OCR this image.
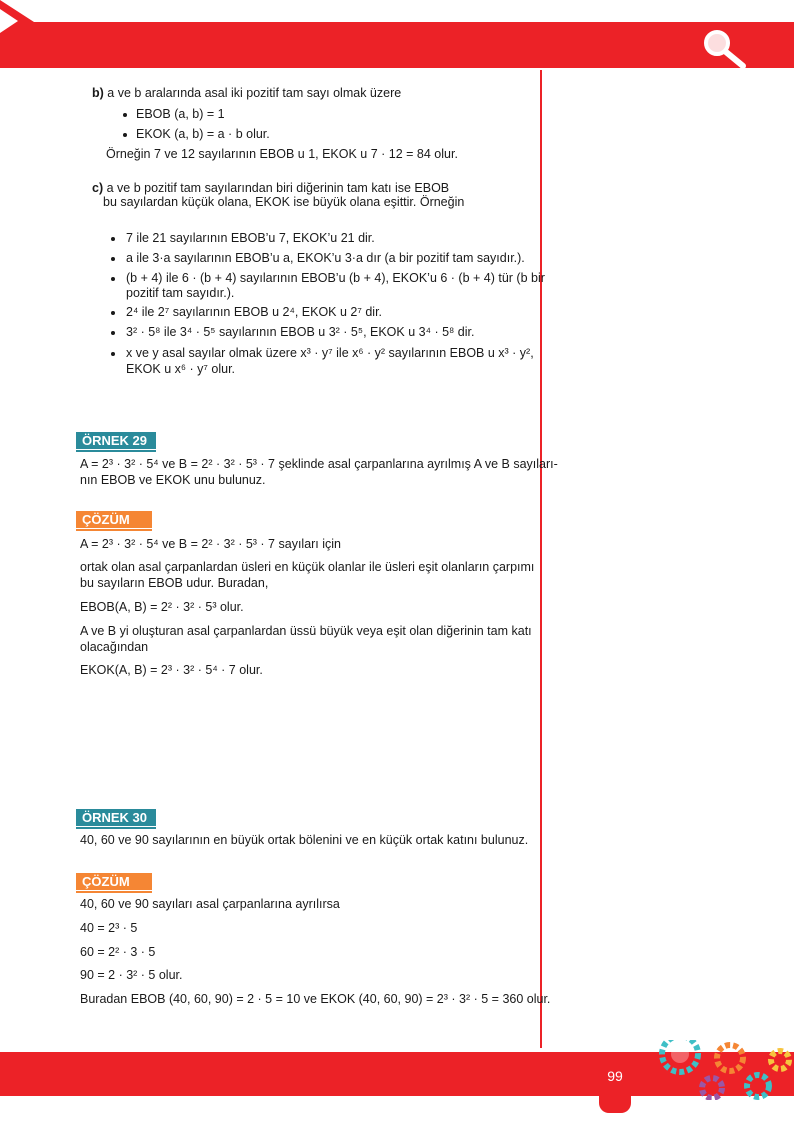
b) a ve b aralarında asal iki pozitif tam sayı olmak üzere
EBOB (a, b) = 1
EKOK (a, b) = a · b olur.
Örneğin 7 ve 12 sayılarının EBOB u 1, EKOK u 7 · 12 = 84 olur.
c) a ve b pozitif tam sayılarından biri diğerinin tam katı ise EBOB
bu sayılardan küçük olana, EKOK ise büyük olana eşittir. Örneğin
7 ile 21 sayılarının EBOB’u 7, EKOK’u 21 dir.
a ile 3·a sayılarının EBOB’u a, EKOK’u 3·a dır (a bir pozitif tam sayıdır.).
(b + 4) ile 6 · (b + 4) sayılarının EBOB’u (b + 4), EKOK’u 6 · (b + 4) tür (b bir
pozitif tam sayıdır.).
2⁴ ile 2⁷ sayılarının EBOB u 2⁴, EKOK u 2⁷ dir.
3² · 5⁸ ile 3⁴ · 5⁵ sayılarının EBOB u 3² · 5⁵, EKOK u 3⁴ · 5⁸ dir.
x ve y asal sayılar olmak üzere x³ · y⁷ ile x⁶ · y² sayılarının EBOB u x³ · y²,
EKOK u x⁶ · y⁷ olur.
ÖRNEK 29
A = 2³ · 3² · 5⁴ ve B = 2² · 3² · 5³ · 7 şeklinde asal çarpanlarına ayrılmış A ve B sayıları-
nın EBOB ve EKOK unu bulunuz.
ÇÖZÜM
A = 2³ · 3² · 5⁴ ve B = 2² · 3² · 5³ · 7 sayıları için
ortak olan asal çarpanlardan üsleri en küçük olanlar ile üsleri eşit olanların çarpımı
bu sayıların EBOB udur. Buradan,
EBOB(A, B) = 2² · 3² · 5³ olur.
A ve B yi oluşturan asal çarpanlardan üssü büyük veya eşit olan diğerinin tam katı
olacağından
EKOK(A, B) = 2³ · 3² · 5⁴ · 7 olur.
ÖRNEK 30
40, 60 ve 90 sayılarının en büyük ortak bölenini ve en küçük ortak katını bulunuz.
ÇÖZÜM
40, 60 ve 90 sayıları asal çarpanlarına ayrılırsa
40 = 2³ · 5
60 = 2² · 3 · 5
90 = 2 · 3² · 5 olur.
Buradan EBOB (40, 60, 90) = 2 · 5 = 10 ve EKOK (40, 60, 90) = 2³ · 3² · 5 = 360 olur.
99
